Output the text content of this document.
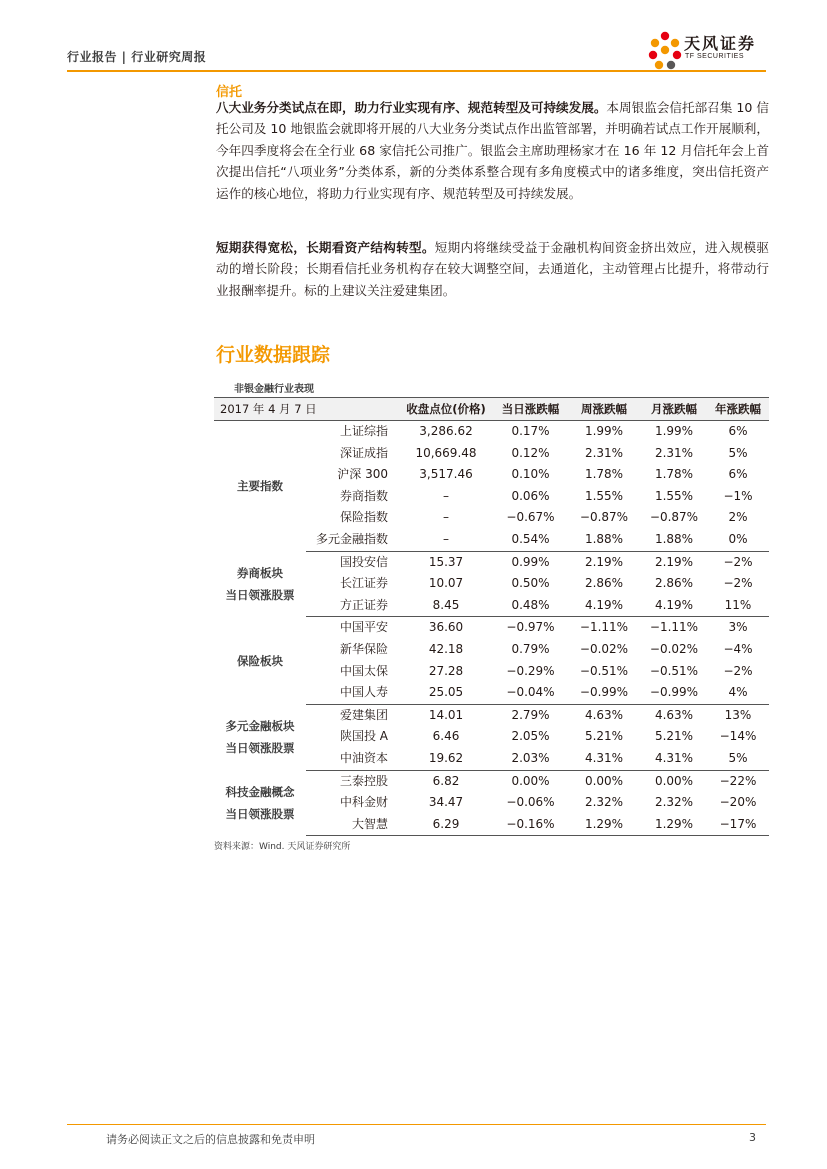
行业报告 | 行业研究周报
天风证券
TF SECURITIES
信托

八大业务分类试点在即，助力行业实现有序、规范转型及可持续发展。本周银监会信托部召集 10 信托公司及 10 地银监会就即将开展的八大业务分类试点作出监管部署，并明确若试点工作开展顺利，今年四季度将会在全行业 68 家信托公司推广。银监会主席助理杨家才在 16 年 12 月信托年会上首次提出信托“八项业务”分类体系，新的分类体系整合现有多角度模式中的诸多维度，突出信托资产运作的核心地位，将助力行业实现有序、规范转型及可持续发展。

短期获得宽松，长期看资产结构转型。短期内将继续受益于金融机构间资金挤出效应，进入规模驱动的增长阶段；长期看信托业务机构存在较大调整空间，去通道化，主动管理占比提升，将带动行业报酬率提升。标的上建议关注爱建集团。

行业数据跟踪
非银金融行业表现
2017 年 4 月 7 日		收盘点位(价格)	当日涨跌幅	周涨跌幅	月涨跌幅	年涨跌幅

主要指数	上证综指	3,286.62	0.17%	1.99%	1.99%	6%
	深证成指	10,669.48	0.12%	2.31%	2.31%	5%
	沪深 300	3,517.46	0.10%	1.78%	1.78%	6%
	券商指数	–	0.06%	1.55%	1.55%	−1%
	保险指数	–	−0.67%	−0.87%	−0.87%	2%
	多元金融指数	–	0.54%	1.88%	1.88%	0%

券商板块
当日领涨股票	国投安信	15.37	0.99%	2.19%	2.19%	−2%
	长江证券	10.07	0.50%	2.86%	2.86%	−2%
	方正证券	8.45	0.48%	4.19%	4.19%	11%

保险板块	中国平安	36.60	−0.97%	−1.11%	−1.11%	3%
	新华保险	42.18	0.79%	−0.02%	−0.02%	−4%
	中国太保	27.28	−0.29%	−0.51%	−0.51%	−2%
	中国人寿	25.05	−0.04%	−0.99%	−0.99%	4%

多元金融板块
当日领涨股票	爱建集团	14.01	2.79%	4.63%	4.63%	13%
	陕国投 A	6.46	2.05%	5.21%	5.21%	−14%
	中油资本	19.62	2.03%	4.31%	4.31%	5%

科技金融概念
当日领涨股票	三泰控股	6.82	0.00%	0.00%	0.00%	−22%
	中科金财	34.47	−0.06%	2.32%	2.32%	−20%
	大智慧	6.29	−0.16%	1.29%	1.29%	−17%
资料来源：Wind. 天风证券研究所
请务必阅读正文之后的信息披露和免责申明	3
